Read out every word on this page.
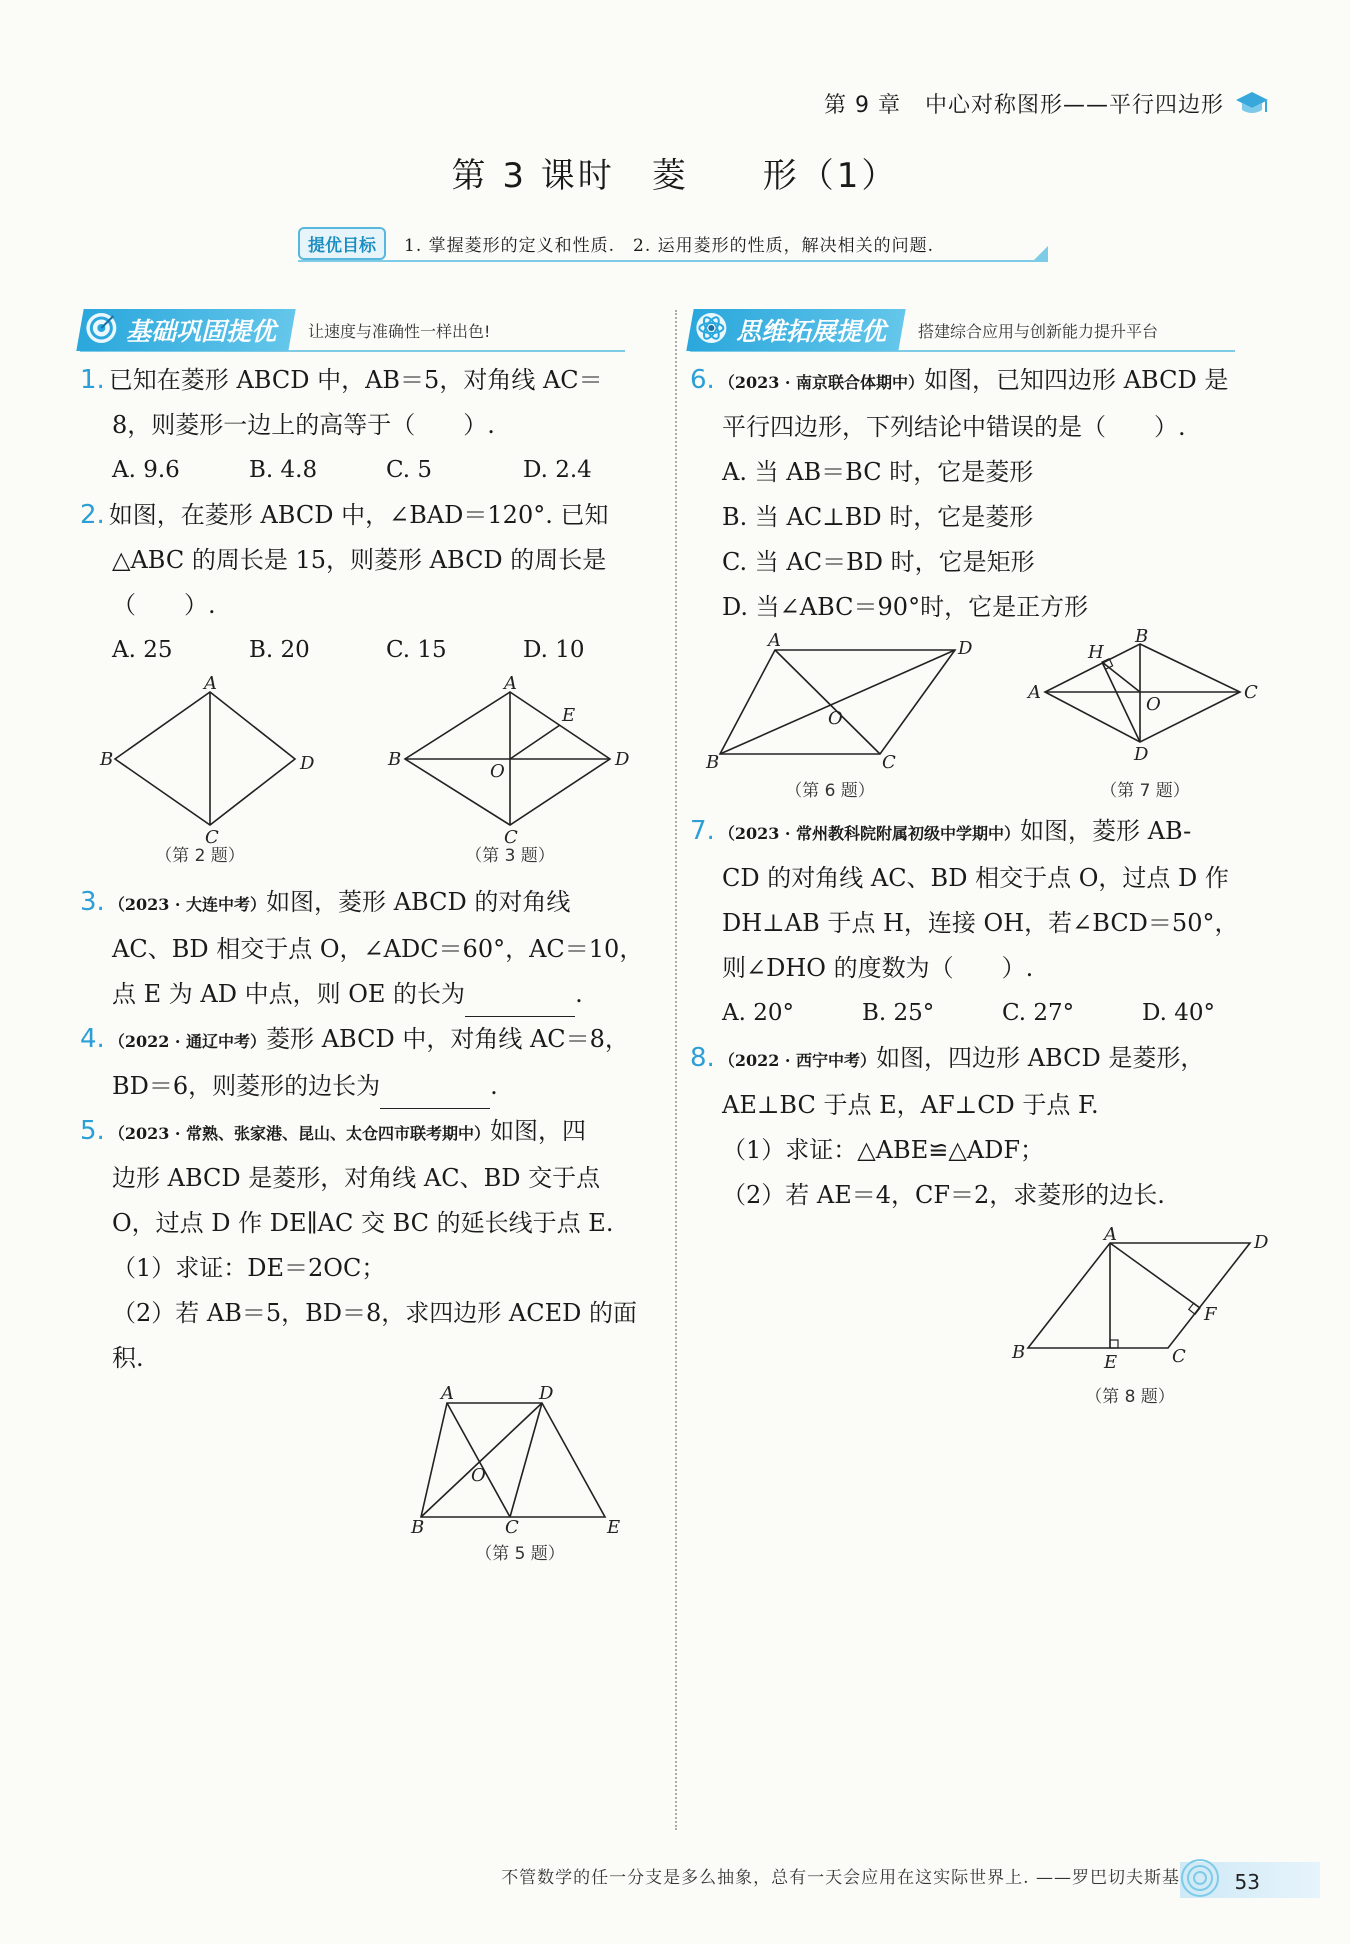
第 9 章 中心对称图形——平行四边形
第 3 课时　菱　　形（1）
提优目标	1. 掌握菱形的定义和性质.　2. 运用菱形的性质，解决相关的问题.
基础巩固提优	让速度与准确性一样出色!
1. 已知在菱形 ABCD 中，AB＝5，对角线 AC＝
8，则菱形一边上的高等于（　　）.
A. 9.6	B. 4.8	C. 5	D. 2.4
2. 如图，在菱形 ABCD 中，∠BAD＝120°. 已知
△ABC 的周长是 15，则菱形 ABCD 的周长是
（　　）.
A. 25	B. 20	C. 15	D. 10
A
B
C
D
（第 2 题）
A
B
C
D
E
O
（第 3 题）
3. （2023 · 大连中考）如图，菱形 ABCD 的对角线
AC、BD 相交于点 O，∠ADC＝60°，AC＝10，
点 E 为 AD 中点，则 OE 的长为	.
4. （2022 · 通辽中考）菱形 ABCD 中，对角线 AC＝8，
BD＝6，则菱形的边长为	.
5. （2023 · 常熟、张家港、昆山、太仓四市联考期中）如图，四
边形 ABCD 是菱形，对角线 AC、BD 交于点
O，过点 D 作 DE∥AC 交 BC 的延长线于点 E.
（1）求证：DE＝2OC；
（2）若 AB＝5，BD＝8，求四边形 ACED 的面积.
A	D
B	C	E
O
（第 5 题）
思维拓展提优	搭建综合应用与创新能力提升平台
6. （2023 · 南京联合体期中）如图，已知四边形 ABCD 是
平行四边形，下列结论中错误的是（　　）.
A. 当 AB＝BC 时，它是菱形
B. 当 AC⊥BD 时，它是菱形
C. 当 AC＝BD 时，它是矩形
D. 当∠ABC＝90°时，它是正方形
A	D
B	C
O
（第 6 题）
B
A	C
D
H
O
（第 7 题）
7. （2023 · 常州教科院附属初级中学期中）如图，菱形 AB-
CD 的对角线 AC、BD 相交于点 O，过点 D 作
DH⊥AB 于点 H，连接 OH，若∠BCD＝50°，
则∠DHO 的度数为（　　）.
A. 20°	B. 25°	C. 27°	D. 40°
8. （2022 · 西宁中考）如图，四边形 ABCD 是菱形，
AE⊥BC 于点 E，AF⊥CD 于点 F.
（1）求证：△ABE≌△ADF；
（2）若 AE＝4，CF＝2，求菱形的边长.
A	D
B	E	C
F
（第 8 题）
不管数学的任一分支是多么抽象，总有一天会应用在这实际世界上. ——罗巴切夫斯基	53
